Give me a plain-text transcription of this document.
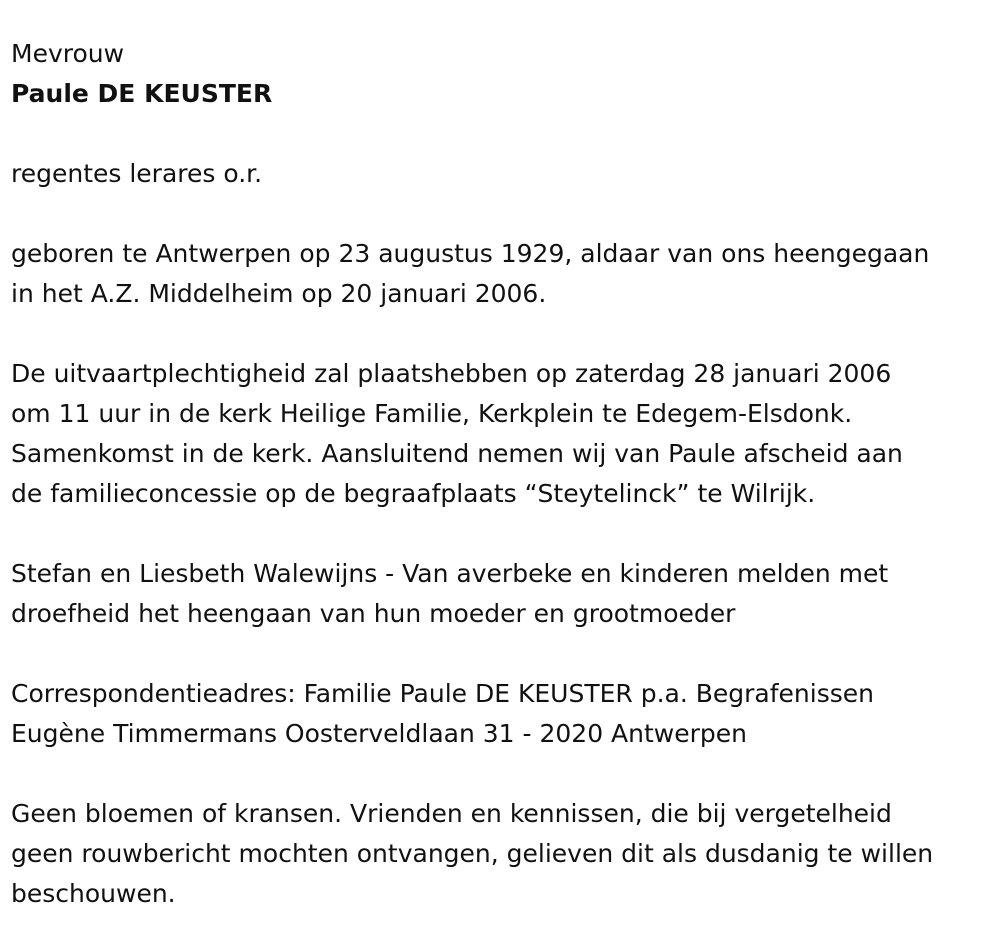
Mevrouw

Paule DE KEUSTER

regentes lerares o.r.

geboren te Antwerpen op 23 augustus 1929, aldaar van ons heengegaan
in het A.Z. Middelheim op 20 januari 2006.

De uitvaartplechtigheid zal plaatshebben op zaterdag 28 januari 2006
om 11 uur in de kerk Heilige Familie, Kerkplein te Edegem-Elsdonk.
Samenkomst in de kerk. Aansluitend nemen wij van Paule afscheid aan
de familieconcessie op de begraafplaats “Steytelinck” te Wilrijk.

Stefan en Liesbeth Walewijns - Van averbeke en kinderen melden met
droefheid het heengaan van hun moeder en grootmoeder

Correspondentieadres: Familie Paule DE KEUSTER p.a. Begrafenissen
Eugène Timmermans Oosterveldlaan 31 - 2020 Antwerpen

Geen bloemen of kransen. Vrienden en kennissen, die bij vergetelheid
geen rouwbericht mochten ontvangen, gelieven dit als dusdanig te willen
beschouwen.
